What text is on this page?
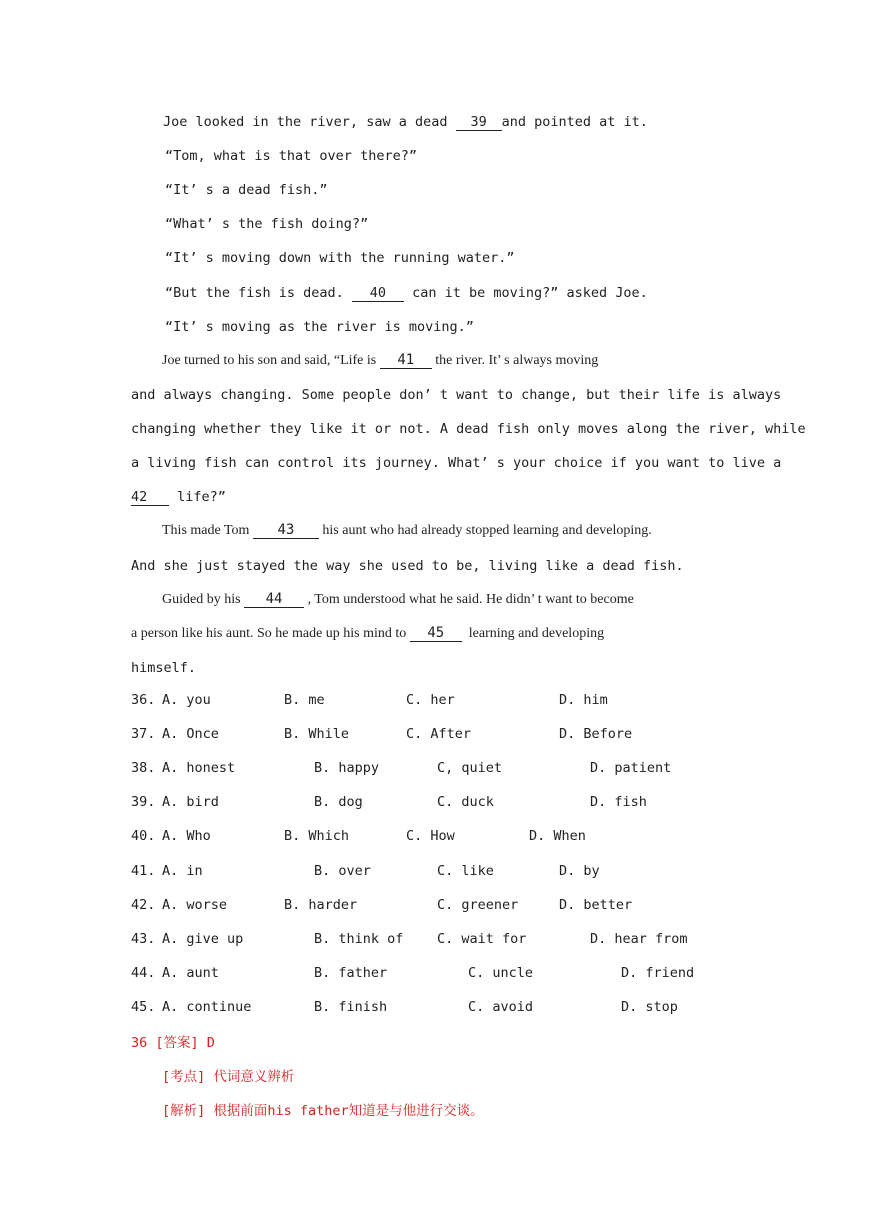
Joe looked in the river, saw a dead 39 and pointed at it.
“Tom, what is that over there?”
“It’ s a dead fish.”
“What’ s the fish doing?”
“It’ s moving down with the running water.”
“But the fish is dead. 40 can it be moving?” asked Joe.
“It’ s moving as the river is moving.”
Joe turned to his son and said, “Life is 41 the river. It’ s always moving
and always changing. Some people don’ t want to change, but their life is always
changing whether they like it or not. A dead fish only moves along the river, while
a living fish can control its journey. What’ s your choice if you want to live a
42 life?”
This made Tom 43 his aunt who had already stopped learning and developing.
And she just stayed the way she used to be, living like a dead fish.
Guided by his 44 , Tom understood what he said. He didn’ t want to become
a person like his aunt. So he made up his mind to 45  learning and developing
himself.
36. A. you	B. me	C. her	D. him
37. A. Once	B. While	C. After	D. Before
38. A. honest	B. happy	C, quiet	D. patient
39. A. bird	B. dog	C. duck	D. fish
40. A. Who	B. Which	C. How	D. When
41. A. in	B. over	C. like	D. by
42. A. worse	B. harder	C. greener	D. better
43. A. give up	B. think of C. wait for	D. hear from
44. A. aunt	B. father	C. uncle	D. friend
45. A. continue	B. finish	C. avoid	D. stop
36 [答案] D
[考点] 代词意义辨析
[解析] 根据前面his father知道是与他进行交谈。
